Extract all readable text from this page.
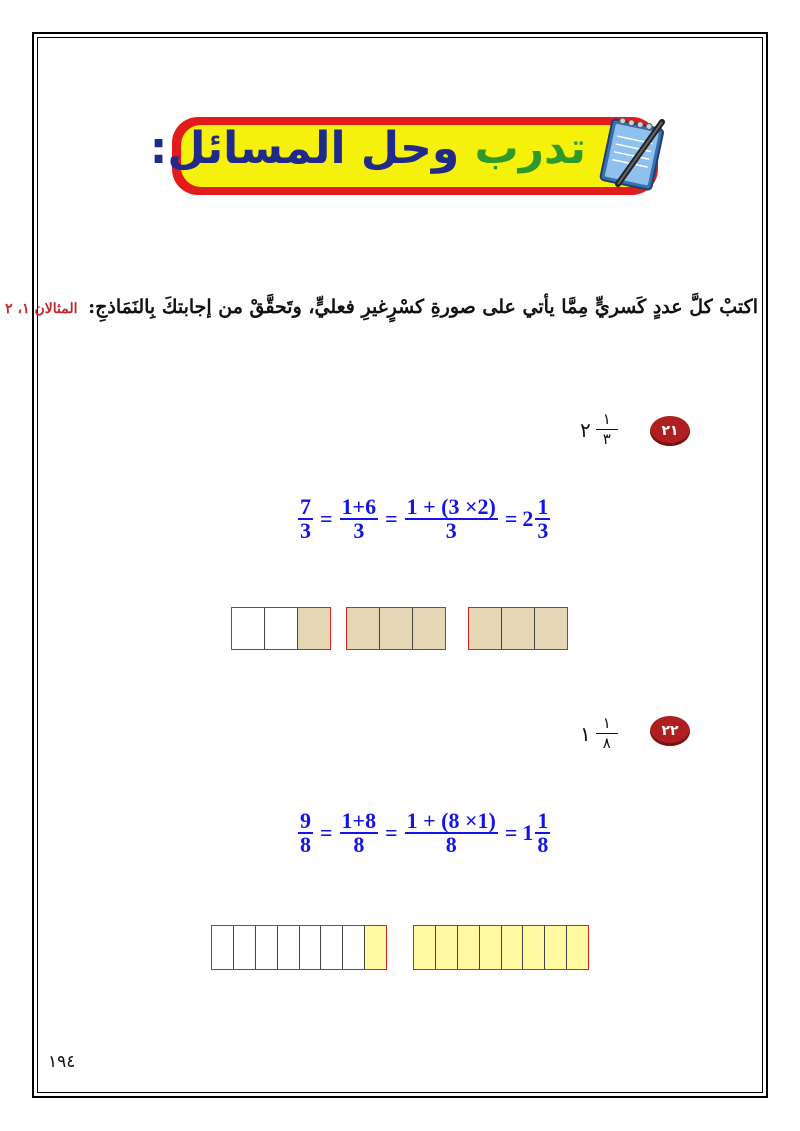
تدرب وحل المسائل:
اكتبْ كلَّ عددٍ كَسريٍّ مِمَّا يأتي على صورةِ كسْرٍغيرِ فعليٍّ، وتَحقَّقْ من إجابتكَ بِالنَمَاذجِ: المثالان ١، ٢
٢١
٢ ١
٣
$\frac{7}{3} = \frac{1+6}{3} = \frac{1 + (3 \times 2)}{3} = 2 \frac{1}{3}$
٢٢
١ ١
٨
$\frac{9}{8} = \frac{1+8}{8} = \frac{1 + (8 \times 1)}{8} = 1 \frac{1}{8}$
١٩٤
